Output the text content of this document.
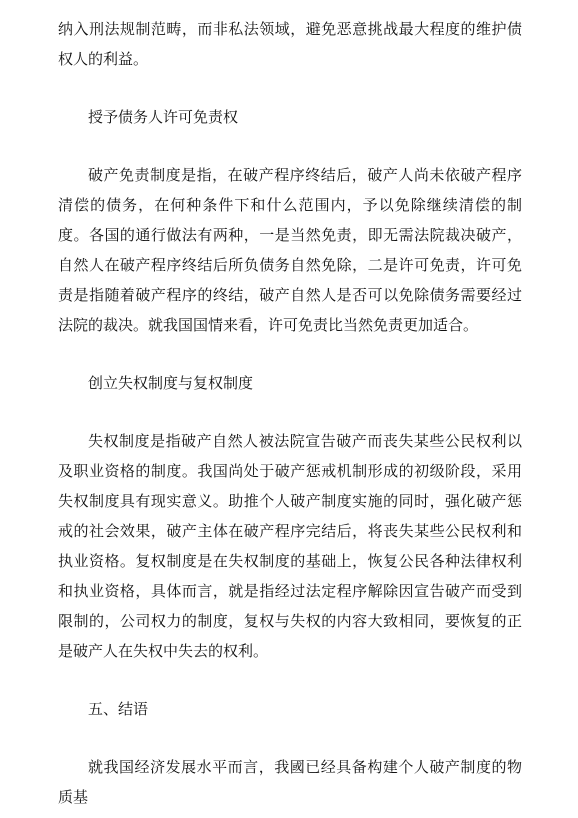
纳入刑法规制范畴，而非私法领域，避免恶意挑战最大程度的维护债权人的利益。

授予债务人许可免责权

破产免责制度是指，在破产程序终结后，破产人尚未依破产程序清偿的债务，在何种条件下和什么范围内，予以免除继续清偿的制度。各国的通行做法有两种，一是当然免责，即无需法院裁决破产，自然人在破产程序终结后所负债务自然免除，二是许可免责，许可免责是指随着破产程序的终结，破产自然人是否可以免除债务需要经过法院的裁决。就我国国情来看，许可免责比当然免责更加适合。

创立失权制度与复权制度

失权制度是指破产自然人被法院宣告破产而丧失某些公民权利以及职业资格的制度。我国尚处于破产惩戒机制形成的初级阶段，采用失权制度具有现实意义。助推个人破产制度实施的同时，强化破产惩戒的社会效果，破产主体在破产程序完结后，将丧失某些公民权利和执业资格。复权制度是在失权制度的基础上，恢复公民各种法律权利和执业资格，具体而言，就是指经过法定程序解除因宣告破产而受到限制的，公司权力的制度，复权与失权的内容大致相同，要恢复的正是破产人在失权中失去的权利。

五、结语

就我国经济发展水平而言，我國已经具备构建个人破产制度的物质基
